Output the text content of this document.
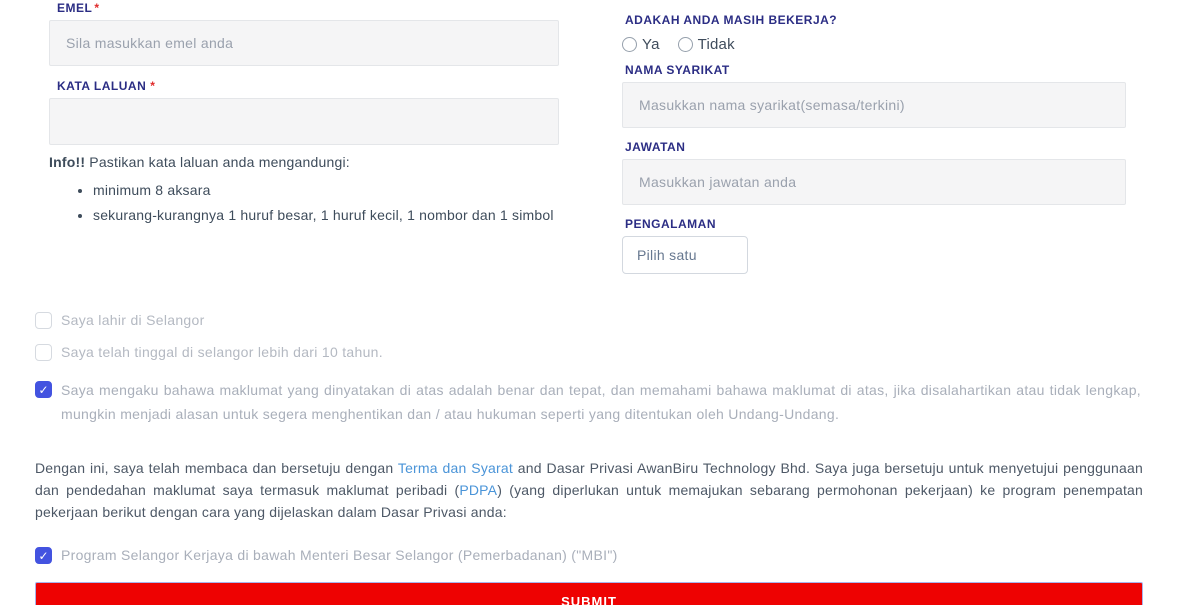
EMEL *
Sila masukkan emel anda
KATA LALUAN *
Info!! Pastikan kata laluan anda mengandungi:
• minimum 8 aksara
• sekurang-kurangnya 1 huruf besar, 1 huruf kecil, 1 nombor dan 1 simbol
ADAKAH ANDA MASIH BEKERJA?
Ya	Tidak
NAMA SYARIKAT
Masukkan nama syarikat(semasa/terkini)
JAWATAN
Masukkan jawatan anda
PENGALAMAN
Pilih satu
Saya lahir di Selangor
Saya telah tinggal di selangor lebih dari 10 tahun.
✓ Saya mengaku bahawa maklumat yang dinyatakan di atas adalah benar dan tepat, dan memahami bahawa maklumat di atas, jika disalahartikan atau tidak lengkap, mungkin menjadi alasan untuk segera menghentikan dan / atau hukuman seperti yang ditentukan oleh Undang-Undang.
Dengan ini, saya telah membaca dan bersetuju dengan Terma dan Syarat and Dasar Privasi AwanBiru Technology Bhd. Saya juga bersetuju untuk menyetujui penggunaan dan pendedahan maklumat saya termasuk maklumat peribadi (PDPA) (yang diperlukan untuk memajukan sebarang permohonan pekerjaan) ke program penempatan pekerjaan berikut dengan cara yang dijelaskan dalam Dasar Privasi anda:
✓ Program Selangor Kerjaya di bawah Menteri Besar Selangor (Pemerbadanan) ("MBI")
SUBMIT
